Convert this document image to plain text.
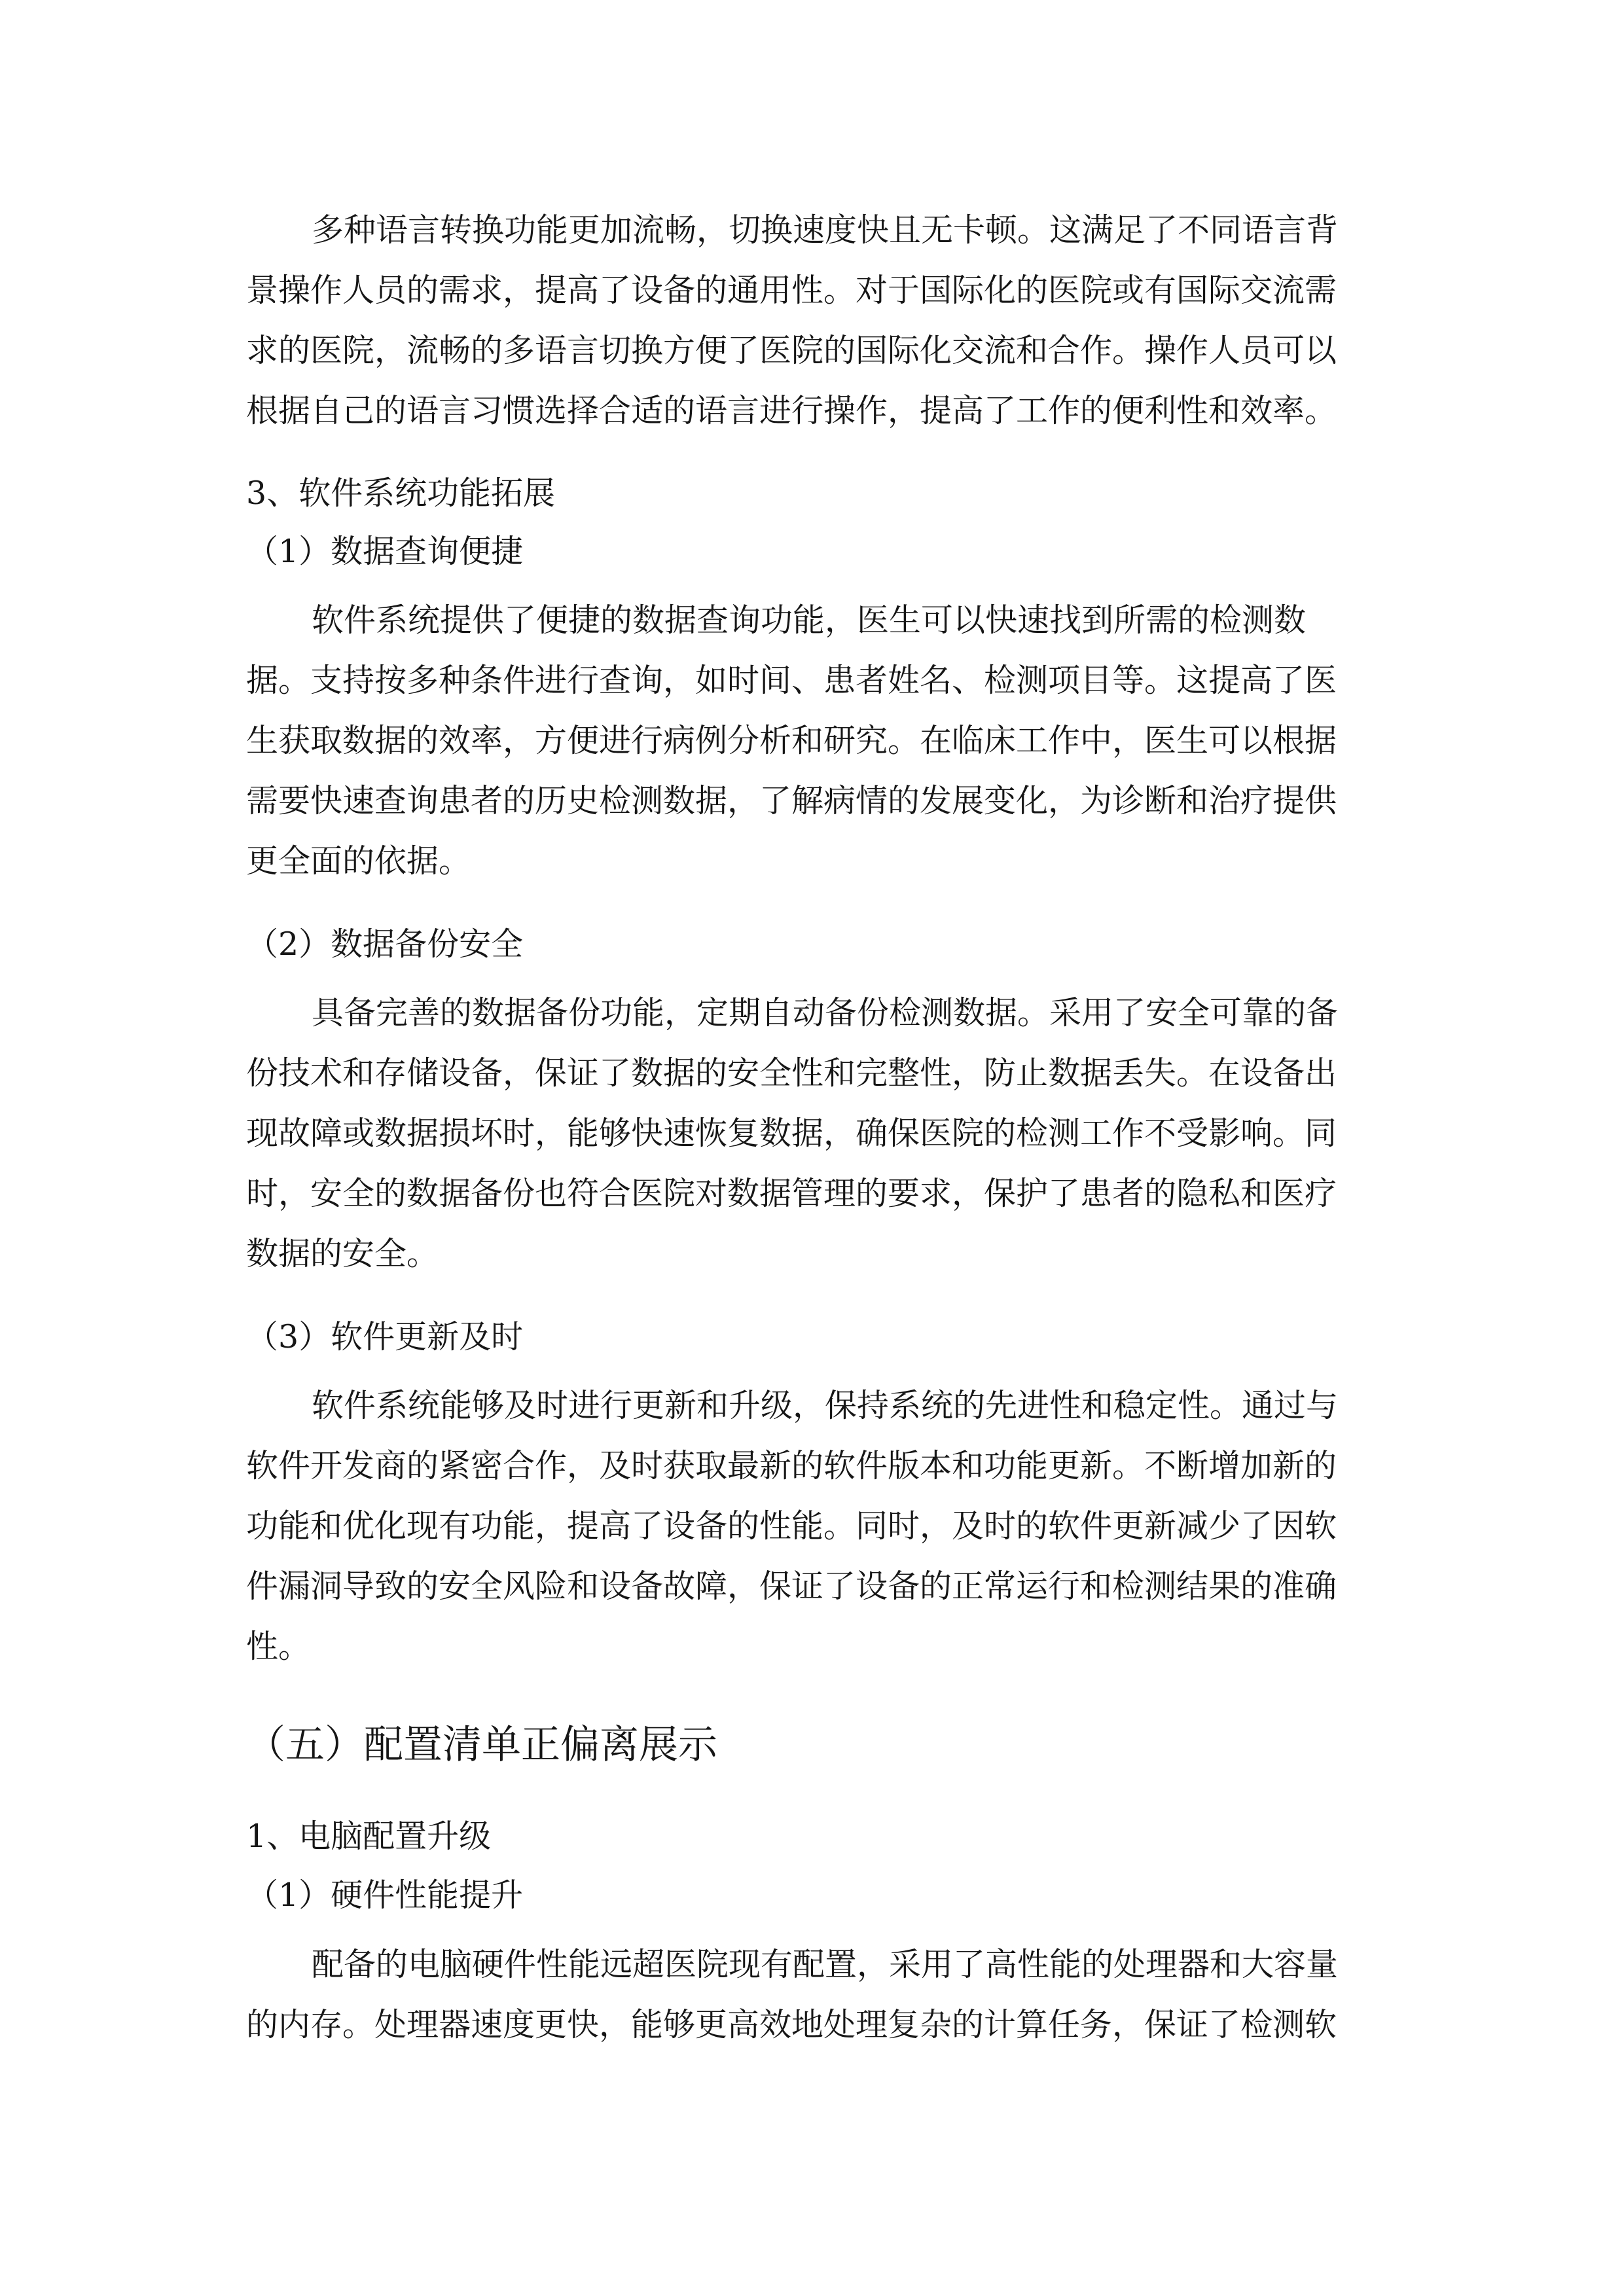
多种语言转换功能更加流畅，切换速度快且无卡顿。这满足了不同语言背

景操作人员的需求，提高了设备的通用性。对于国际化的医院或有国际交流需

求的医院，流畅的多语言切换方便了医院的国际化交流和合作。操作人员可以

根据自己的语言习惯选择合适的语言进行操作，提高了工作的便利性和效率。

3、软件系统功能拓展

（1）数据查询便捷

软件系统提供了便捷的数据查询功能，医生可以快速找到所需的检测数

据。支持按多种条件进行查询，如时间、患者姓名、检测项目等。这提高了医

生获取数据的效率，方便进行病例分析和研究。在临床工作中，医生可以根据

需要快速查询患者的历史检测数据，了解病情的发展变化，为诊断和治疗提供

更全面的依据。

（2）数据备份安全

具备完善的数据备份功能，定期自动备份检测数据。采用了安全可靠的备

份技术和存储设备，保证了数据的安全性和完整性，防止数据丢失。在设备出

现故障或数据损坏时，能够快速恢复数据，确保医院的检测工作不受影响。同

时，安全的数据备份也符合医院对数据管理的要求，保护了患者的隐私和医疗

数据的安全。

（3）软件更新及时

软件系统能够及时进行更新和升级，保持系统的先进性和稳定性。通过与

软件开发商的紧密合作，及时获取最新的软件版本和功能更新。不断增加新的

功能和优化现有功能，提高了设备的性能。同时，及时的软件更新减少了因软

件漏洞导致的安全风险和设备故障，保证了设备的正常运行和检测结果的准确

性。

（五）配置清单正偏离展示

1、电脑配置升级

（1）硬件性能提升

配备的电脑硬件性能远超医院现有配置，采用了高性能的处理器和大容量

的内存。处理器速度更快，能够更高效地处理复杂的计算任务，保证了检测软
